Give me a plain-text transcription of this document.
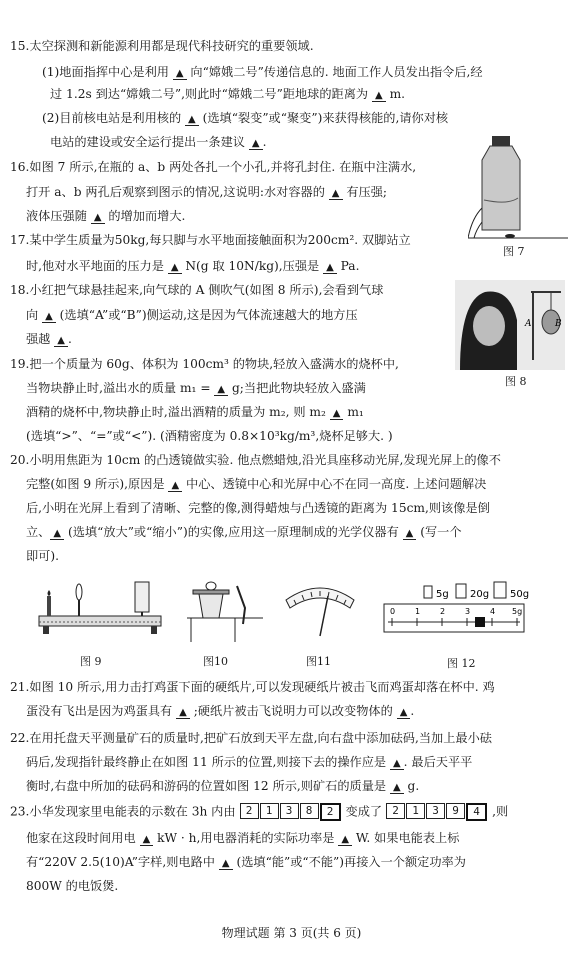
15.太空探测和新能源利用都是现代科技研究的重要领域.
(1)地面指挥中心是利用 ▲ 向“嫦娥二号”传递信息的. 地面工作人员发出指令后,经
过 1.2s 到达“嫦娥二号”,则此时“嫦娥二号”距地球的距离为 ▲ m.
(2)目前核电站是利用核的 ▲ (选填“裂变”或“聚变”)来获得核能的,请你对核
电站的建设或安全运行提出一条建议 ▲ .
16.如图 7 所示,在瓶的 a、b 两处各扎一个小孔,并将孔封住. 在瓶中注满水,
打开 a、b 两孔后观察到图示的情况,这说明:水对容器的 ▲ 有压强;
液体压强随 ▲ 的增加而增大.
图 7
17.某中学生质量为50kg,每只脚与水平地面接触面积为200cm². 双脚站立
时,他对水平地面的压力是 ▲ N(g 取 10N/kg),压强是 ▲ Pa.
18.小红把气球悬挂起来,向气球的 A 侧吹气(如图 8 所示),会看到气球
向 ▲ (选填“A”或“B”)侧运动,这是因为气体流速越大的地方压
强越 ▲ .
A	B
图 8
19.把一个质量为 60g、体积为 100cm³ 的物块,轻放入盛满水的烧杯中,
当物块静止时,溢出水的质量 m₁ = ▲ g;当把此物块轻放入盛满
酒精的烧杯中,物块静止时,溢出酒精的质量为 m₂, 则 m₂ ▲ m₁
(选填“>”、“=”或“<”). (酒精密度为 0.8×10³kg/m³,烧杯足够大. )
20.小明用焦距为 10cm 的凸透镜做实验. 他点燃蜡烛,沿光具座移动光屏,发现光屏上的像不
完整(如图 9 所示),原因是 ▲ 中心、透镜中心和光屏中心不在同一高度. 上述问题解决
后,小明在光屏上看到了清晰、完整的像,测得蜡烛与凸透镜的距离为 15cm,则该像是倒
立、 ▲ (选填“放大”或“缩小”)的实像,应用这一原理制成的光学仪器有 ▲ (写一个
即可).
图 9	图10	图11
5g 20g 50g
0 1 2 3 4 5g
图 12
21.如图 10 所示,用力击打鸡蛋下面的硬纸片,可以发现硬纸片被击飞而鸡蛋却落在杯中. 鸡
蛋没有飞出是因为鸡蛋具有 ▲ ;硬纸片被击飞说明力可以改变物体的 ▲ .
22.在用托盘天平测量矿石的质量时,把矿石放到天平左盘,向右盘中添加砝码,当加上最小砝
码后,发现指针最终静止在如图 11 所示的位置,则接下去的操作应是 ▲ . 最后天平平
衡时,右盘中所加的砝码和游码的位置如图 12 所示,则矿石的质量是 ▲ g.
23.小华发现家里电能表的示数在 3h 内由 2	1	3	8	2 变成了 2	1	3	9	4 ,则
他家在这段时间用电 ▲ kW · h,用电器消耗的实际功率是 ▲ W. 如果电能表上标
有“220V 2.5(10)A”字样,则电路中 ▲ (选填“能”或“不能”)再接入一个额定功率为
800W 的电饭煲.
物理试题 第 3 页(共 6 页)
